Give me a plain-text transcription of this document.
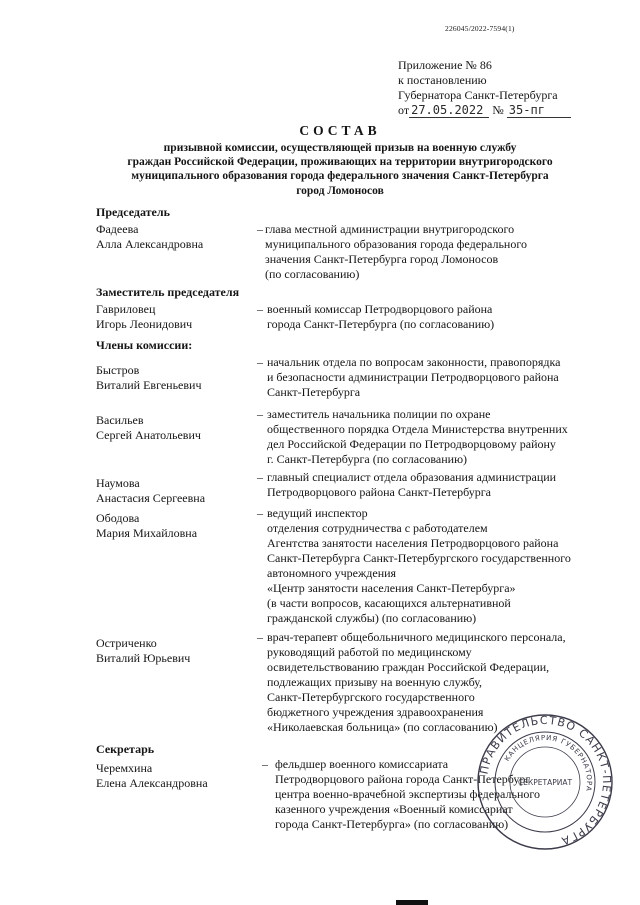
226045/2022-7594(1)
Приложение № 86
к постановлению
Губернатора Санкт-Петербурга
от 27.05.2022 № 35-пг
СОСТАВ
призывной комиссии, осуществляющей призыв на военную службу
граждан Российской Федерации, проживающих на территории внутригородского
муниципального образования города федерального значения Санкт-Петербурга
город Ломоносов
Председатель
Заместитель председателя
Члены комиссии:
Секретарь
Фадеева
Алла Александровна
– глава местной администрации внутригородского
муниципального образования города федерального
значения Санкт-Петербурга город Ломоносов
(по согласованию)
Гавриловец
Игорь Леонидович
– военный комиссар Петродворцового района
города Санкт-Петербурга (по согласованию)
Быстров
Виталий Евгеньевич
– начальник отдела по вопросам законности, правопорядка
и безопасности администрации Петродворцового района
Санкт-Петербурга
Васильев
Сергей Анатольевич
– заместитель начальника полиции по охране
общественного порядка Отдела Министерства внутренних
дел Российской Федерации по Петродворцовому району
г. Санкт-Петербурга (по согласованию)
Наумова
Анастасия Сергеевна
– главный специалист отдела образования администрации
Петродворцового района Санкт-Петербурга
Ободова
Мария Михайловна
– ведущий инспектор
отделения сотрудничества с работодателем
Агентства занятости населения Петродворцового района
Санкт-Петербурга Санкт-Петербургского государственного
автономного учреждения
«Центр занятости населения Санкт-Петербурга»
(в части вопросов, касающихся альтернативной
гражданской службы) (по согласованию)
Остриченко
Виталий Юрьевич
– врач-терапевт общебольничного медицинского персонала,
руководящий работой по медицинскому
освидетельствованию граждан Российской Федерации,
подлежащих призыву на военную службу,
Санкт-Петербургского государственного
бюджетного учреждения здравоохранения
«Николаевская больница» (по согласованию)
Черемхина
Елена Александровна
– фельдшер военного комиссариата
Петродворцового района города Санкт-Петербург
центра военно-врачебной экспертизы федерального
казенного учреждения «Военный комиссариат
города Санкт-Петербурга» (по согласованию)
ПРАВИТЕЛЬСТВО САНКТ-ПЕТЕРБУРГА
КАНЦЕЛЯРИЯ ГУБЕРНАТОРА
СЕКРЕТАРИАТ
